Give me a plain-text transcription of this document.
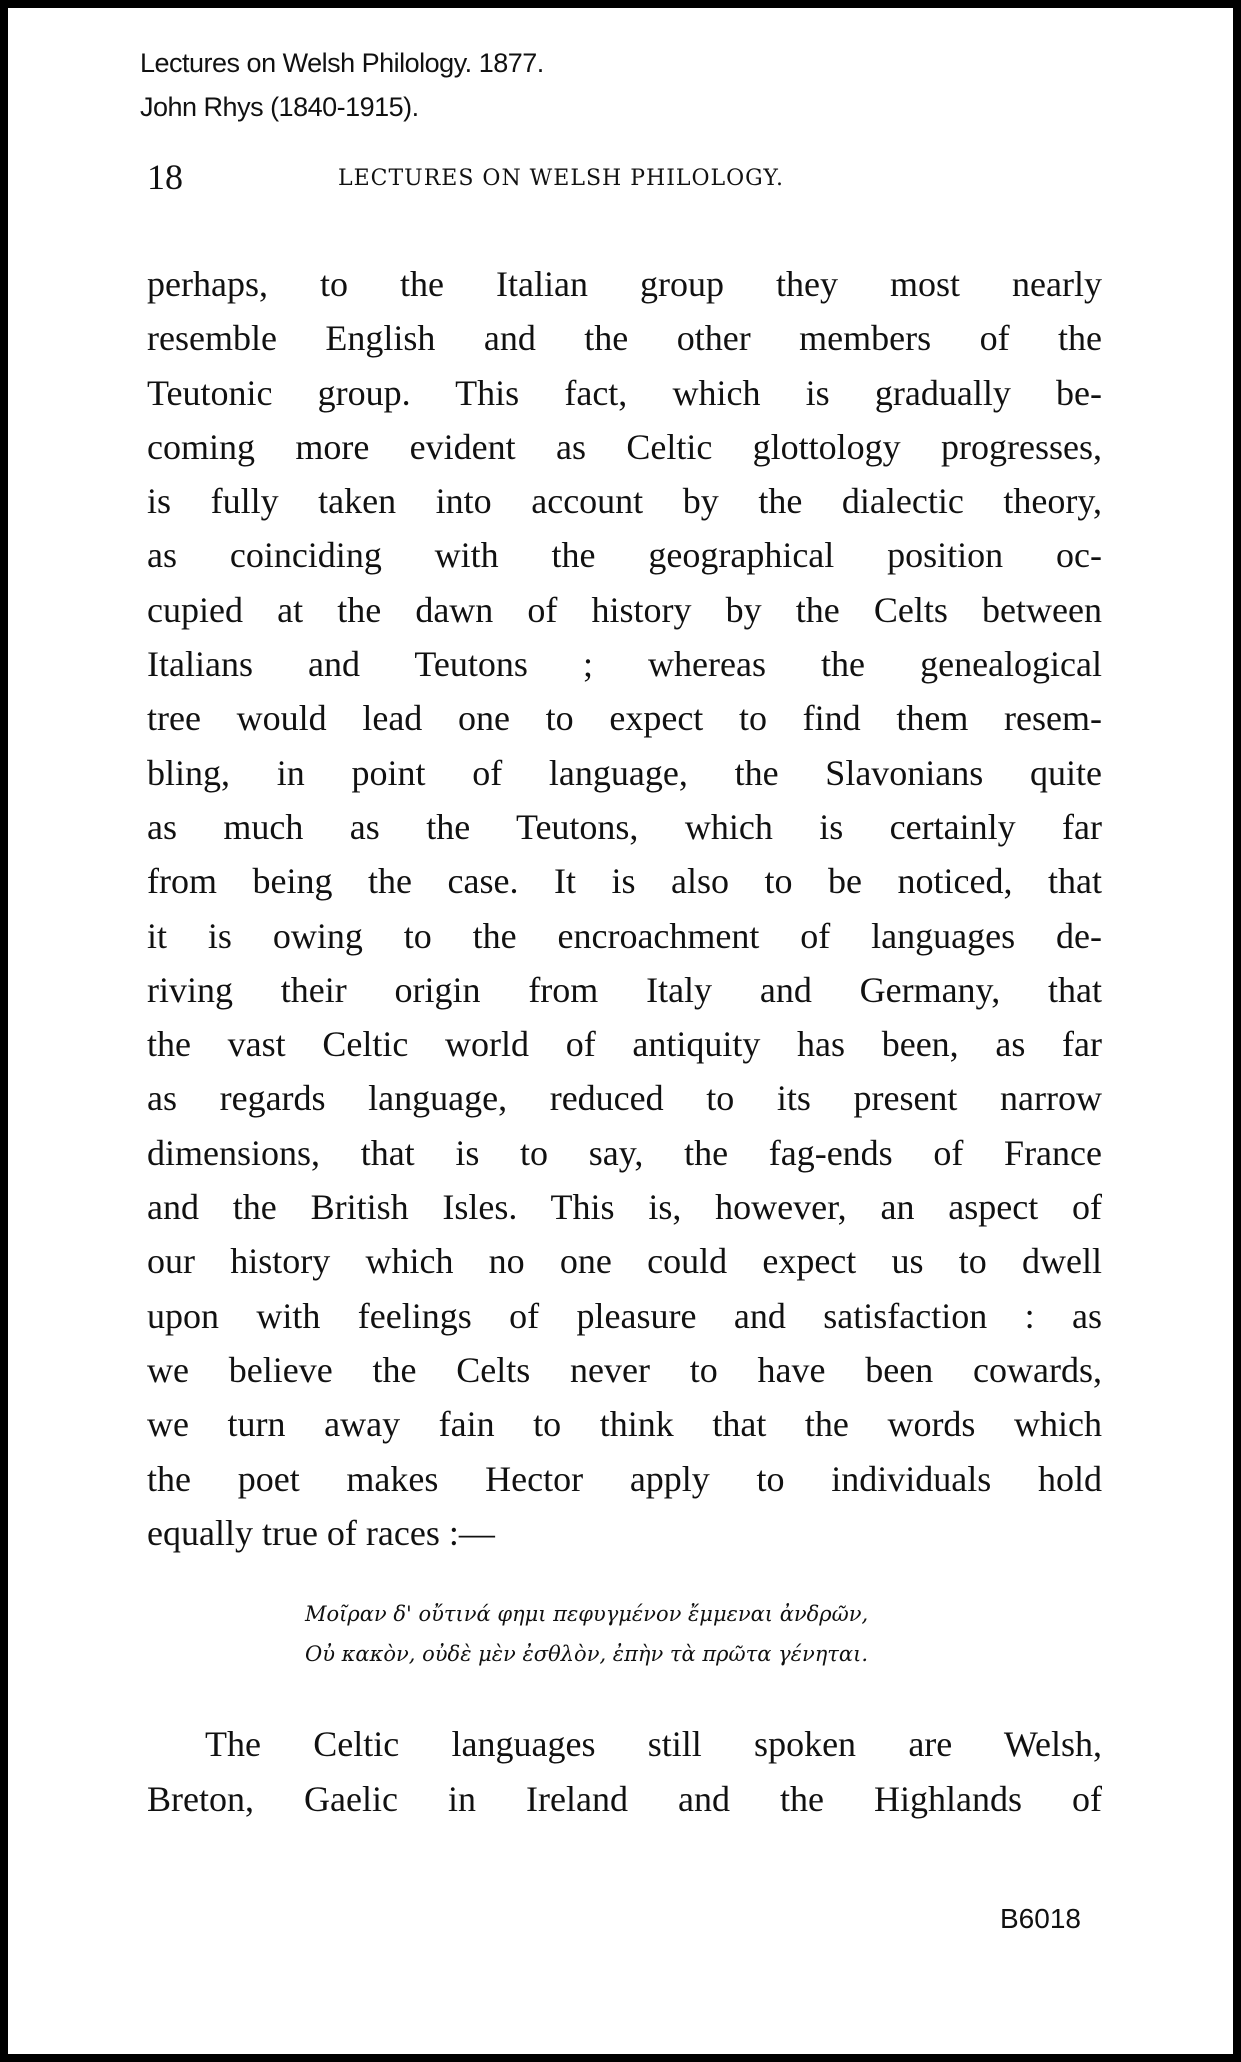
Lectures on Welsh Philology. 1877.
John Rhys (1840-1915).
18	LECTURES ON WELSH PHILOLOGY.
perhaps, to the Italian group they most nearly
resemble English and the other members of the
Teutonic group. This fact, which is gradually be-
coming more evident as Celtic glottology progresses,
is fully taken into account by the dialectic theory,
as coinciding with the geographical position oc-
cupied at the dawn of history by the Celts between
Italians and Teutons ; whereas the genealogical
tree would lead one to expect to find them resem-
bling, in point of language, the Slavonians quite
as much as the Teutons, which is certainly far
from being the case. It is also to be noticed, that
it is owing to the encroachment of languages de-
riving their origin from Italy and Germany, that
the vast Celtic world of antiquity has been, as far
as regards language, reduced to its present narrow
dimensions, that is to say, the fag-ends of France
and the British Isles. This is, however, an aspect of
our history which no one could expect us to dwell
upon with feelings of pleasure and satisfaction : as
we believe the Celts never to have been cowards,
we turn away fain to think that the words which
the poet makes Hector apply to individuals hold
equally true of races :—
Μοῖραν δ' οὔτινά φημι πεφυγμένον ἔμμεναι ἀνδρῶν,
Οὐ κακὸν, οὐδὲ μὲν ἐσθλὸν, ἐπὴν τὰ πρῶτα γένηται.
The Celtic languages still spoken are Welsh,
Breton, Gaelic in Ireland and the Highlands of
B6018
